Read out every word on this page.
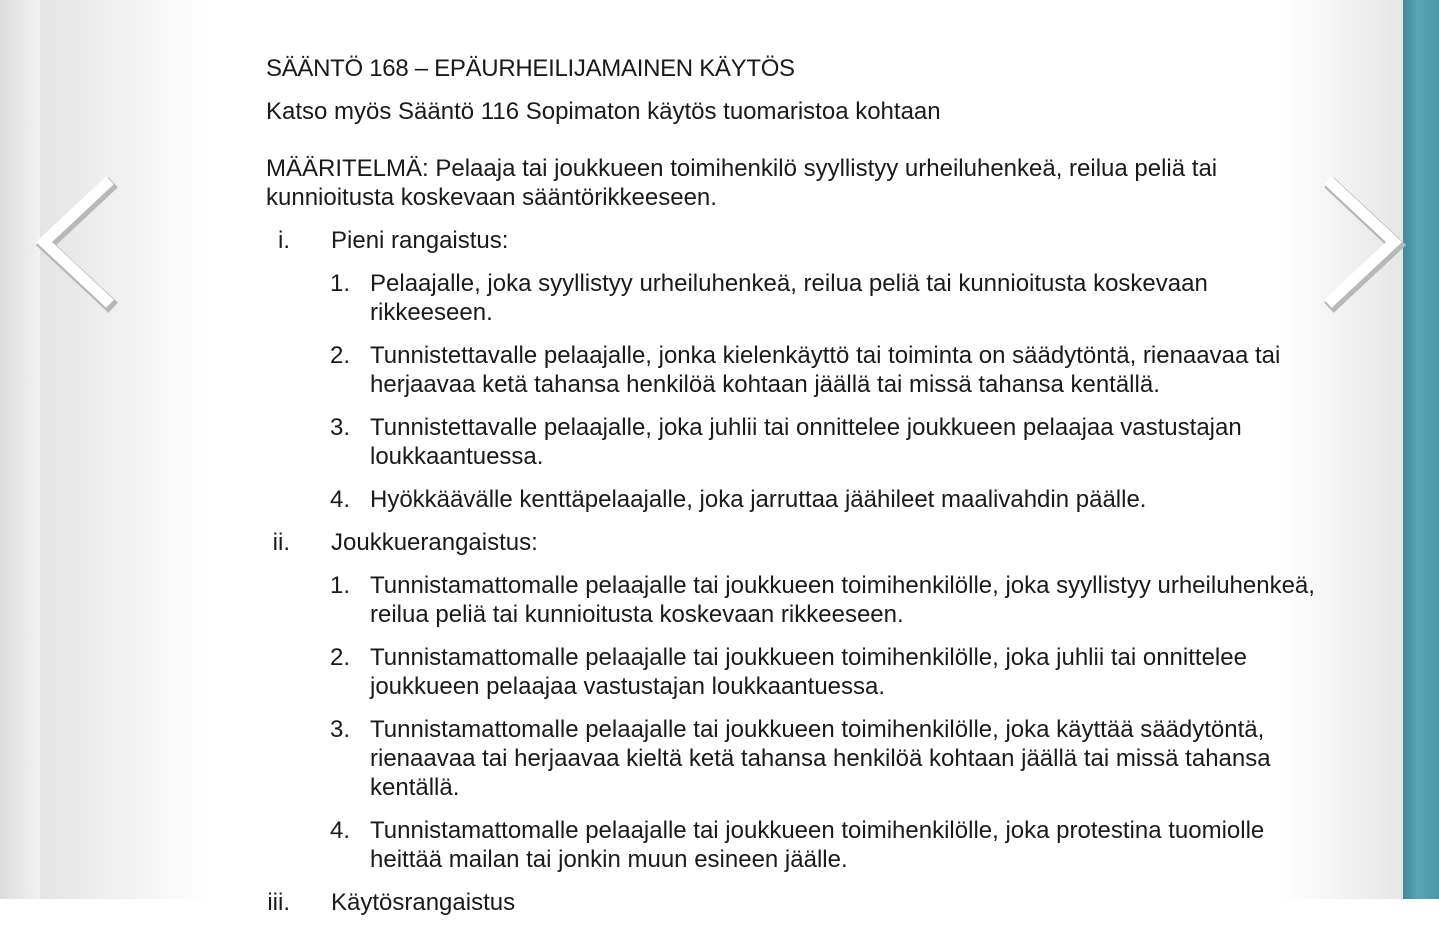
SÄÄNTÖ 168 – EPÄURHEILIJAMAINEN KÄYTÖS
Katso myös Sääntö 116 Sopimaton käytös tuomaristoa kohtaan
MÄÄRITELMÄ: Pelaaja tai joukkueen toimihenkilö syyllistyy urheiluhenkeä, reilua peliä tai kunnioitusta koskevaan sääntörikkeeseen.
i. Pieni rangaistus:
1. Pelaajalle, joka syyllistyy urheiluhenkeä, reilua peliä tai kunnioitusta koskevaan rikkeeseen.
2. Tunnistettavalle pelaajalle, jonka kielenkäyttö tai toiminta on säädytöntä, rienaavaa tai herjaavaa ketä tahansa henkilöä kohtaan jäällä tai missä tahansa kentällä.
3. Tunnistettavalle pelaajalle, joka juhlii tai onnittelee joukkueen pelaajaa vastustajan loukkaantuessa.
4. Hyökkäävälle kenttäpelaajalle, joka jarruttaa jäähileet maalivahdin päälle.
ii. Joukkuerangaistus:
1. Tunnistamattomalle pelaajalle tai joukkueen toimihenkilölle, joka syyllistyy urheiluhenkeä, reilua peliä tai kunnioitusta koskevaan rikkeeseen.
2. Tunnistamattomalle pelaajalle tai joukkueen toimihenkilölle, joka juhlii tai onnittelee joukkueen pelaajaa vastustajan loukkaantuessa.
3. Tunnistamattomalle pelaajalle tai joukkueen toimihenkilölle, joka käyttää säädytöntä, rienaavaa tai herjaavaa kieltä ketä tahansa henkilöä kohtaan jäällä tai missä tahansa kentällä.
4. Tunnistamattomalle pelaajalle tai joukkueen toimihenkilölle, joka protestina tuomiolle heittää mailan tai jonkin muun esineen jäälle.
iii. Käytösrangaistus
